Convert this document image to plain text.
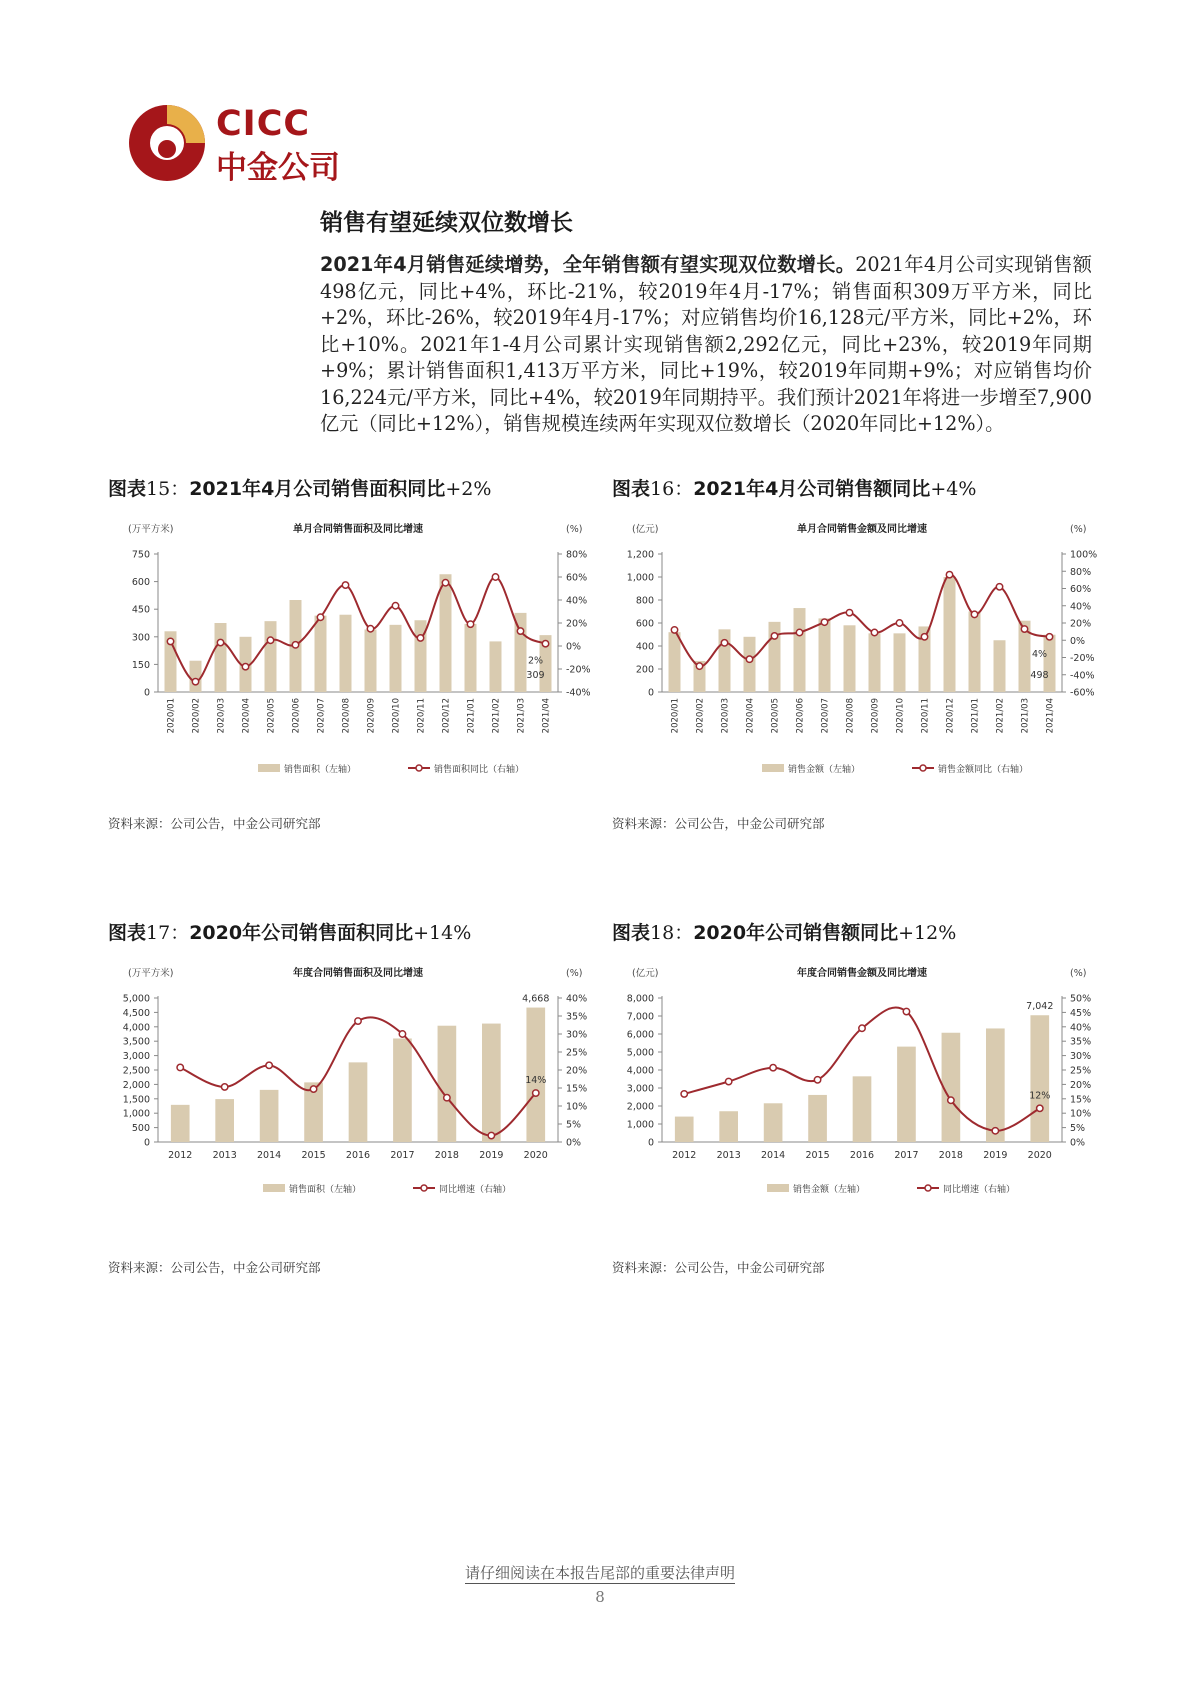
CICC
中金公司
销售有望延续双位数增长
2021年4月销售延续增势，全年销售额有望实现双位数增长。2021年4月公司实现销售额498亿元，同比+4%，环比-21%，较2019年4月-17%；销售面积309万平方米，同比+2%，环比-26%，较2019年4月-17%；对应销售均价16,128元/平方米，同比+2%，环比+10%。2021年1-4月公司累计实现销售额2,292亿元，同比+23%，较2019年同期+9%；累计销售面积1,413万平方米，同比+19%，较2019年同期+9%；对应销售均价16,224元/平方米，同比+4%，较2019年同期持平。我们预计2021年将进一步增至7,900亿元（同比+12%），销售规模连续两年实现双位数增长（2020年同比+12%）。
图表15：2021年4月公司销售面积同比+2%
(万平方米)	单月合同销售面积及同比增速	(%)
0
150
300
450
600
750
-40%
-20%
0%
20%
40%
60%
80%
2020/01 2020/02 2020/03 2020/04 2020/05 2020/06 2020/07 2020/08 2020/09 2020/10 2020/11 2020/12 2021/01 2021/02 2021/03 2021/04
2%
309
销售面积（左轴）	销售面积同比（右轴）
资料来源：公司公告，中金公司研究部
图表16：2021年4月公司销售额同比+4%
(亿元)	单月合同销售金额及同比增速	(%)
0
200
400
600
800
1,000
1,200
-60%
-40%
-20%
0%
20%
40%
60%
80%
100%
2020/01 2020/02 2020/03 2020/04 2020/05 2020/06 2020/07 2020/08 2020/09 2020/10 2020/11 2020/12 2021/01 2021/02 2021/03 2021/04
4%
498
销售金额（左轴）	销售金额同比（右轴）
资料来源：公司公告，中金公司研究部
图表17：2020年公司销售面积同比+14%
(万平方米)	年度合同销售面积及同比增速	(%)
0
500
1,000
1,500
2,000
2,500
3,000
3,500
4,000
4,500
5,000
0%
5%
10%
15%
20%
25%
30%
35%
40%
2012 2013 2014 2015 2016 2017 2018 2019 2020
4,668
14%
销售面积（左轴）	同比增速（右轴）
资料来源：公司公告，中金公司研究部
图表18：2020年公司销售额同比+12%
(亿元)	年度合同销售金额及同比增速	(%)
0
1,000
2,000
3,000
4,000
5,000
6,000
7,000
8,000
0%
5%
10%
15%
20%
25%
30%
35%
40%
45%
50%
2012 2013 2014 2015 2016 2017 2018 2019 2020
7,042
12%
销售金额（左轴）	同比增速（右轴）
资料来源：公司公告，中金公司研究部
请仔细阅读在本报告尾部的重要法律声明
8
